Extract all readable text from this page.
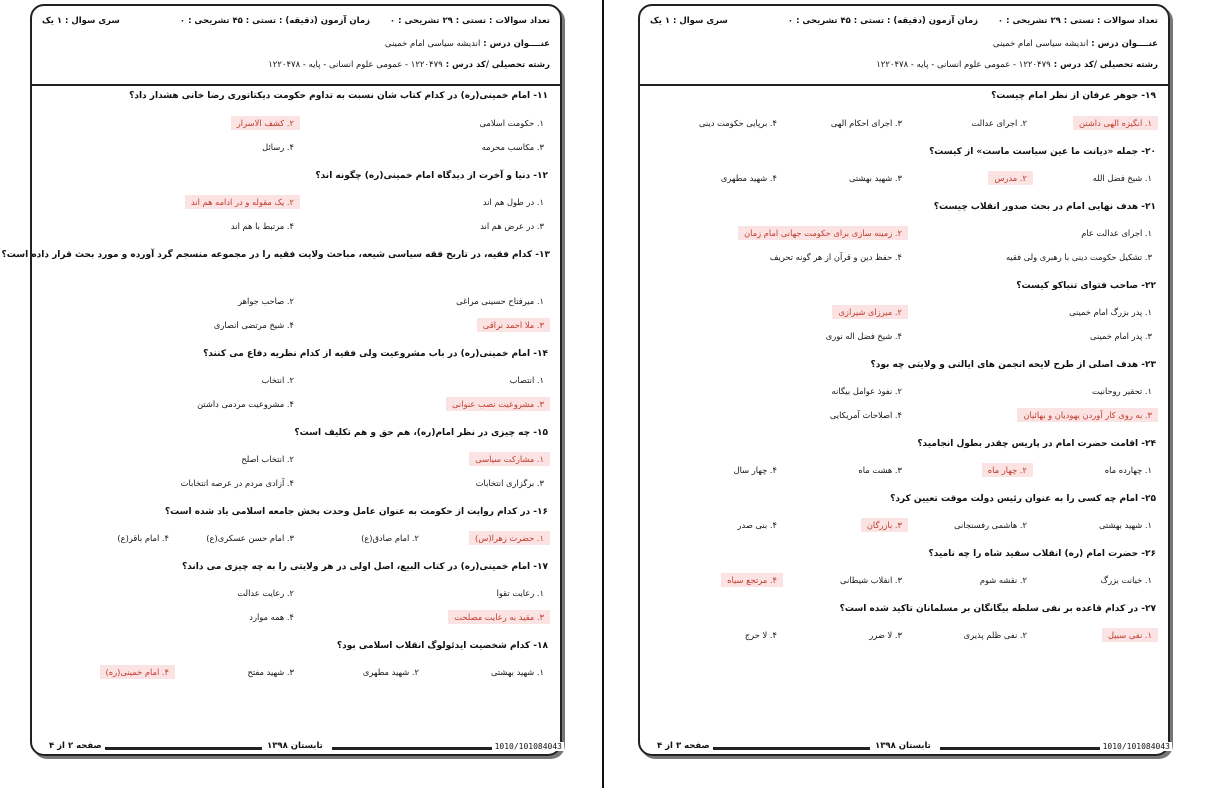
تعداد سوالات : تستی : ۲۹ تشریحی : ۰
زمان آزمون (دقیقه) : تستی : ۴۵ تشریحی : ۰
سری سوال : ۱ یک
عنــــوان درس : اندیشه سیاسی امام خمینی
رشته تحصیلی /کد درس : ۱۲۲۰۴۷۹ - عمومی علوم انسانی - پایه - ۱۲۲۰۴۷۸
۱۱- امام خمینی(ره) در کدام کتاب شان نسبت به تداوم حکومت دیکتاتوری رضا خانی هشدار داد؟
۱. حکومت اسلامی
۲. کشف الاسرار
۳. مکاسب محرمه
۴. رسائل
۱۲- دنیا و آخرت از دیدگاه امام خمینی(ره) چگونه اند؟
۱. در طول هم اند
۲. یک مقوله و در ادامه هم اند
۳. در عرض هم اند
۴. مرتبط با هم اند
۱۳- کدام فقیه، در تاریخ فقه سیاسی شیعه، مباحث ولایت فقیه را در مجموعه منسجم گرد آورده و مورد بحث قرار داده است؟
۱. میرفتاح حسینی مراغی
۲. صاحب جواهر
۳. ملا احمد نراقی
۴. شیخ مرتضی انصاری
۱۴- امام خمینی(ره) در باب مشروعیت ولی فقیه از کدام نظریه دفاع می کنند؟
۱. انتصاب
۲. انتخاب
۳. مشروعیت نصب عنوانی
۴. مشروعیت مردمی داشتن
۱۵- چه چیزی در نظر امام(ره)، هم حق و هم تکلیف است؟
۱. مشارکت سیاسی
۲. انتخاب اصلح
۳. برگزاری انتخابات
۴. آزادی مردم در عرصه انتخابات
۱۶- در کدام روایت از حکومت به عنوان عامل وحدت بخش جامعه اسلامی یاد شده است؟
۱. حضرت زهرا(س)
۲. امام صادق(ع)
۳. امام حسن عسکری(ع)
۴. امام باقر(ع)
۱۷- امام خمینی(ره) در کتاب البیع، اصل اولی در هر ولایتی را به چه چیزی می داند؟
۱. رعایت تقوا
۲. رعایت عدالت
۳. مقید به رعایت مصلحت
۴. همه موارد
۱۸- کدام شخصیت ایدئولوگ انقلاب اسلامی بود؟
۱. شهید بهشتی
۲. شهید مطهری
۳. شهید مفتح
۴. امام خمینی(ره)
صفحه ۲ از ۴	تابستان ۱۳۹۸	1010/101084043
تعداد سوالات : تستی : ۲۹ تشریحی : ۰
زمان آزمون (دقیقه) : تستی : ۴۵ تشریحی : ۰
سری سوال : ۱ یک
عنــــوان درس : اندیشه سیاسی امام خمینی
رشته تحصیلی /کد درس : ۱۲۲۰۴۷۹ - عمومی علوم انسانی - پایه - ۱۲۲۰۴۷۸
۱۹- جوهر عرفان از نظر امام چیست؟
۱. انگیزه الهی داشتن
۲. اجرای عدالت
۳. اجرای احکام الهی
۴. برپایی حکومت دینی
۲۰- جمله «دیانت ما عین سیاست ماست» از کیست؟
۱. شیخ فضل الله
۲. مدرس
۳. شهید بهشتی
۴. شهید مطهری
۲۱- هدف نهایی امام در بحث صدور انقلاب چیست؟
۱. اجرای عدالت عام
۲. زمینه سازی برای حکومت جهانی امام زمان
۳. تشکیل حکومت دینی با رهبری ولی فقیه
۴. حفظ دین و قرآن از هر گونه تحریف
۲۲- صاحب فتوای تنباکو کیست؟
۱. پدر بزرگ امام خمینی
۲. میرزای شیرازی
۳. پدر امام خمینی
۴. شیخ فضل اله نوری
۲۳- هدف اصلی از طرح لایحه انجمن های ایالتی و ولایتی چه بود؟
۱. تحقیر روحانیت
۲. نفوذ عوامل بیگانه
۳. به روی کار آوردن یهودیان و بهائیان
۴. اصلاحات آمریکایی
۲۴- اقامت حضرت امام در پاریس چقدر بطول انجامید؟
۱. چهارده ماه
۲. چهار ماه
۳. هشت ماه
۴. چهار سال
۲۵- امام چه کسی را به عنوان رئیس دولت موقت تعیین کرد؟
۱. شهید بهشتی
۲. هاشمی رفسنجانی
۳. بازرگان
۴. بنی صدر
۲۶- حضرت امام (ره) انقلاب سفید شاه را چه نامید؟
۱. خیانت بزرگ
۲. نقشه شوم
۳. انقلاب شیطانی
۴. مرتجع سیاه
۲۷- در کدام قاعده بر نفی سلطه بیگانگان بر مسلمانان تاکید شده است؟
۱. نفی سبیل
۲. نفی ظلم پذیری
۳. لا ضرر
۴. لا حرج
صفحه ۳ از ۴	تابستان ۱۳۹۸	1010/101084043
